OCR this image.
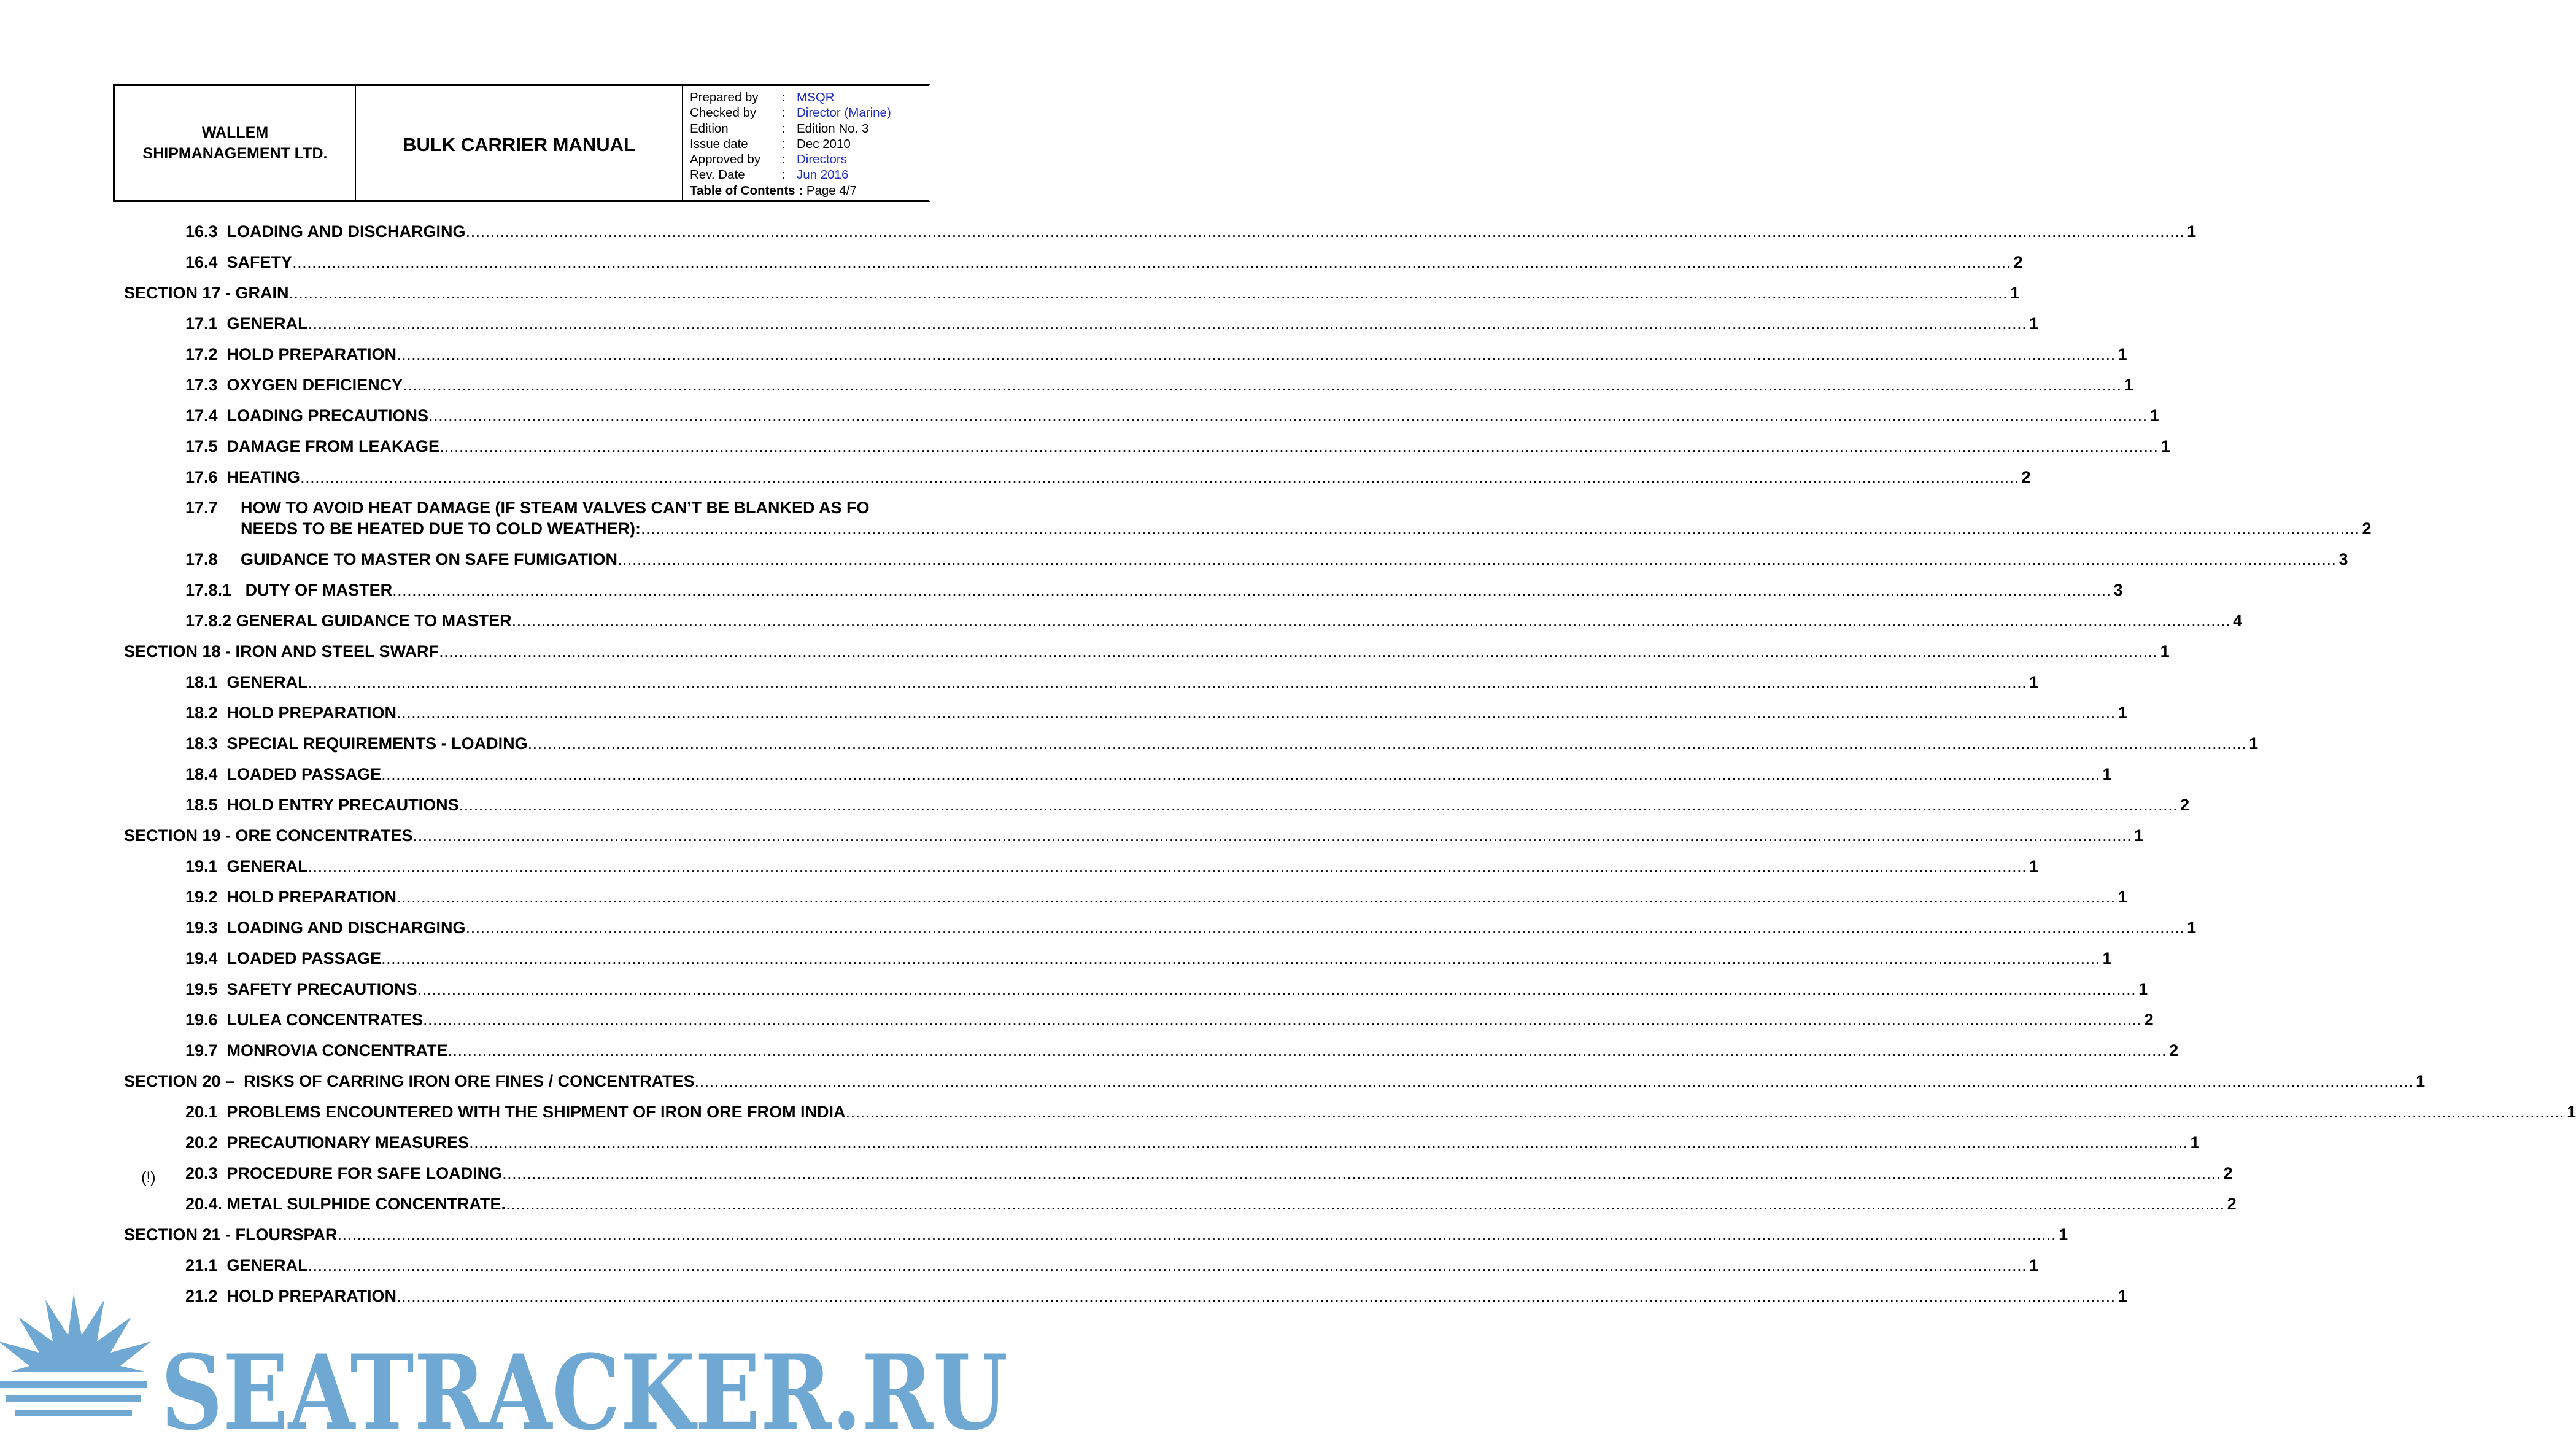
WALLEM
SHIPMANAGEMENT LTD.	BULK CARRIER MANUAL
Prepared by	: MSQR
Checked by	: Director (Marine)
Edition	: Edition No. 3
Issue date	: Dec 2010
Approved by	: Directors
Rev. Date	: Jun 2016
Table of Contents :
Page 4/7
16.3  LOADING AND DISCHARGING .....	1
16.4  SAFETY .....	2
SECTION 17 - GRAIN .....	1
17.1  GENERAL .....	1
17.2  HOLD PREPARATION .....	1
17.3  OXYGEN DEFICIENCY .....	1
17.4  LOADING PRECAUTIONS .....	1
17.5  DAMAGE FROM LEAKAGE .....	1
17.6  HEATING .....	2
17.7 HOW TO AVOID HEAT DAMAGE (IF STEAM VALVES CAN’T BE BLANKED AS FO
NEEDS TO BE HEATED DUE TO COLD WEATHER): .....	2
17.8 GUIDANCE TO MASTER ON SAFE FUMIGATION .....	3
17.8.1   DUTY OF MASTER .....	3
17.8.2 GENERAL GUIDANCE TO MASTER .....	4
SECTION 18 - IRON AND STEEL SWARF .....	1
18.1  GENERAL .....	1
18.2  HOLD PREPARATION .....	1
18.3  SPECIAL REQUIREMENTS - LOADING .....	1
18.4  LOADED PASSAGE .....	1
18.5  HOLD ENTRY PRECAUTIONS .....	2
SECTION 19 - ORE CONCENTRATES .....	1
19.1  GENERAL .....	1
19.2  HOLD PREPARATION .....	1
19.3  LOADING AND DISCHARGING .....	1
19.4  LOADED PASSAGE .....	1
19.5  SAFETY PRECAUTIONS .....	1
19.6  LULEA CONCENTRATES .....	2
19.7  MONROVIA CONCENTRATE .....	2
SECTION 20 –  RISKS OF CARRING IRON ORE FINES / CONCENTRATES .....	1
20.1  PROBLEMS ENCOUNTERED WITH THE SHIPMENT OF IRON ORE FROM INDIA .....	1
20.2  PRECAUTIONARY MEASURES .....	1
20.3  PROCEDURE FOR SAFE LOADING .....	2
20.4. METAL SULPHIDE CONCENTRATE. .....	2
SECTION 21 - FLOURSPAR .....	1
21.1  GENERAL .....	1
21.2  HOLD PREPARATION .....	1
(!)
SEATRACKER.RU
